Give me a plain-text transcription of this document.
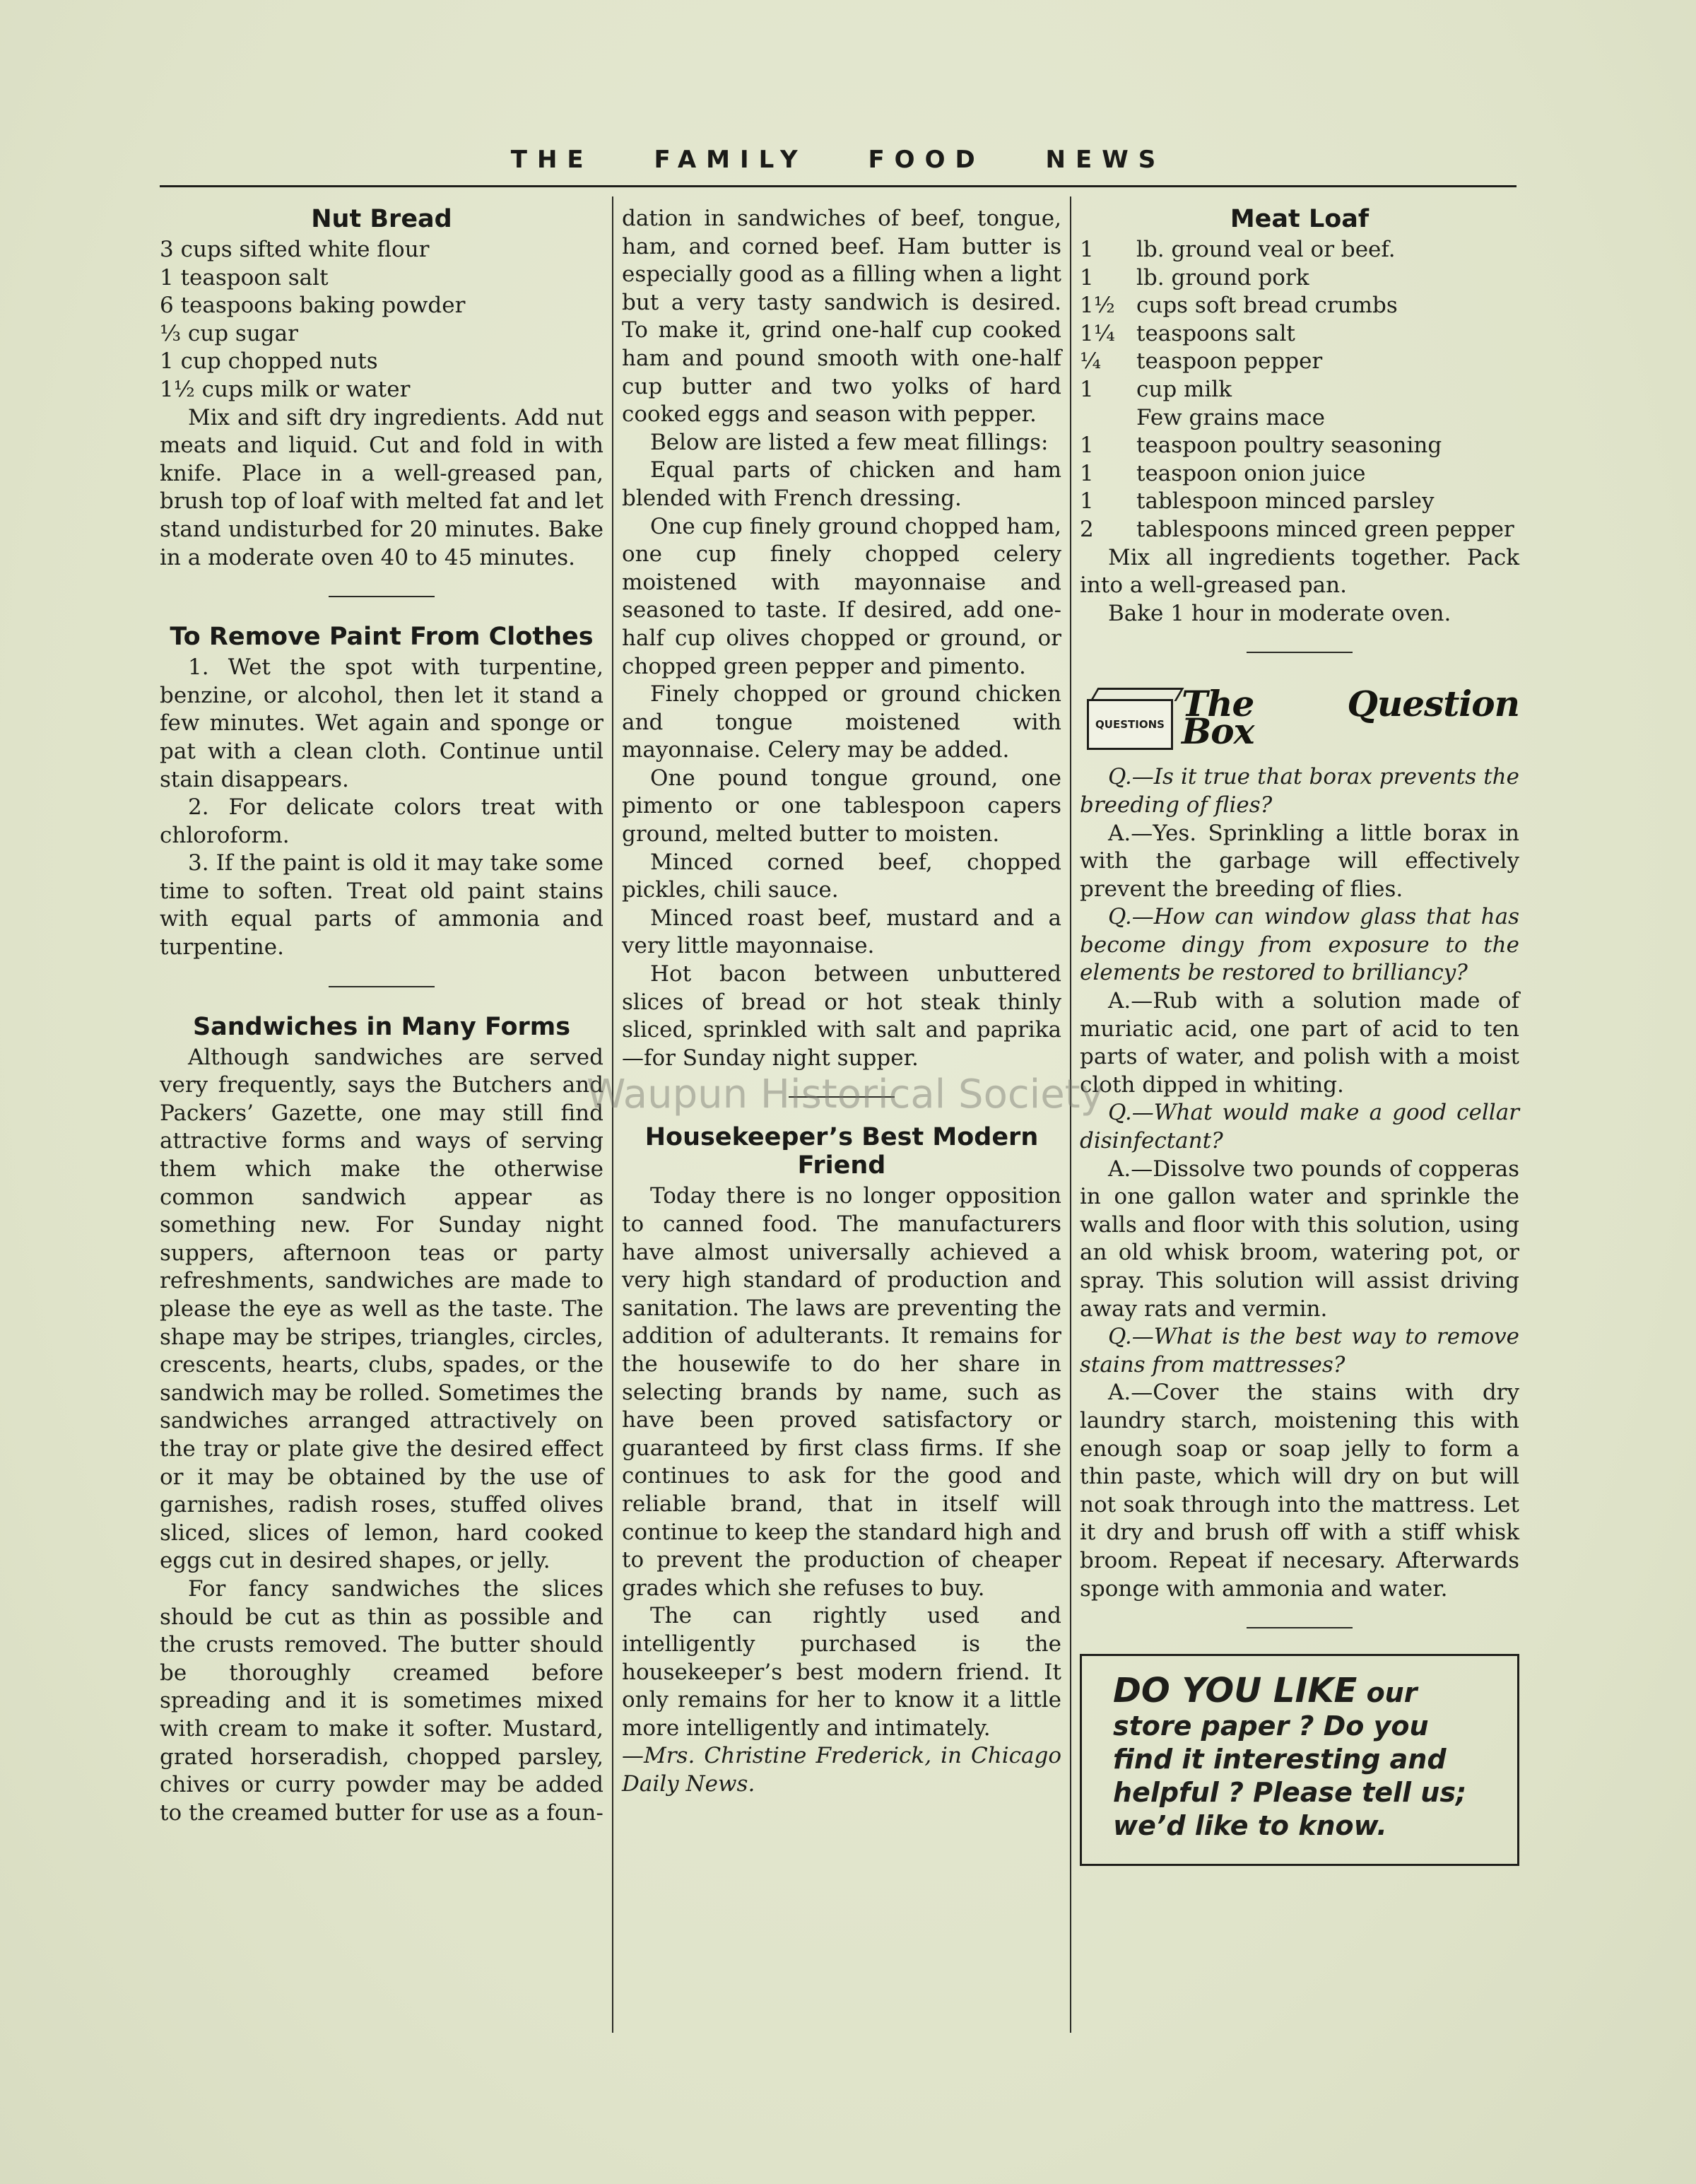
THE FAMILY FOOD NEWS
Nut Bread

3 cups sifted white flour

1 teaspoon salt

6 teaspoons baking powder

⅓ cup sugar

1 cup chopped nuts

1½ cups milk or water

Mix and sift dry ingredients. Add nut meats and liquid. Cut and fold in with knife. Place in a well-greased pan, brush top of loaf with melted fat and let stand undisturbed for 20 minutes. Bake in a moderate oven 40 to 45 minutes.

To Remove Paint From Clothes

1. Wet the spot with turpentine, benzine, or alcohol, then let it stand a few minutes. Wet again and sponge or pat with a clean cloth. Continue until stain disappears.

2. For delicate colors treat with chloroform.

3. If the paint is old it may take some time to soften. Treat old paint stains with equal parts of ammonia and turpentine.

Sandwiches in Many Forms

Although sandwiches are served very frequently, says the Butchers and Packers’ Gazette, one may still find attractive forms and ways of serving them which make the otherwise common sandwich appear as something new. For Sunday night suppers, afternoon teas or party refreshments, sandwiches are made to please the eye as well as the taste. The shape may be stripes, triangles, circles, crescents, hearts, clubs, spades, or the sandwich may be rolled. Sometimes the sandwiches arranged attractively on the tray or plate give the desired effect or it may be obtained by the use of garnishes, radish roses, stuffed olives sliced, slices of lemon, hard cooked eggs cut in desired shapes, or jelly.

For fancy sandwiches the slices should be cut as thin as possible and the crusts removed. The butter should be thoroughly creamed before spreading and it is sometimes mixed with cream to make it softer. Mustard, grated horseradish, chopped parsley, chives or curry powder may be added to the creamed butter for use as a foun-

dation in sandwiches of beef, tongue, ham, and corned beef. Ham butter is especially good as a filling when a light but a very tasty sandwich is desired. To make it, grind one-half cup cooked ham and pound smooth with one-half cup butter and two yolks of hard cooked eggs and season with pepper.

Below are listed a few meat fillings:

Equal parts of chicken and ham blended with French dressing.

One cup finely ground chopped ham, one cup finely chopped celery moistened with mayonnaise and seasoned to taste. If desired, add one-half cup olives chopped or ground, or chopped green pepper and pimento.

Finely chopped or ground chicken and tongue moistened with mayonnaise. Celery may be added.

One pound tongue ground, one pimento or one tablespoon capers ground, melted butter to moisten.

Minced corned beef, chopped pickles, chili sauce.

Minced roast beef, mustard and a very little mayonnaise.

Hot bacon between unbuttered slices of bread or hot steak thinly sliced, sprinkled with salt and paprika—for Sunday night supper.

Housekeeper’s Best Modern Friend

Today there is no longer opposition to canned food. The manufacturers have almost universally achieved a very high standard of production and sanitation. The laws are preventing the addition of adulterants. It remains for the housewife to do her share in selecting brands by name, such as have been proved satisfactory or guaranteed by first class firms. If she continues to ask for the good and reliable brand, that in itself will continue to keep the standard high and to prevent the production of cheaper grades which she refuses to buy.

The can rightly used and intelligently purchased is the housekeeper’s best modern friend. It only remains for her to know it a little more intelligently and intimately.

—Mrs. Christine Frederick, in Chicago Daily News.

Meat Loaf
1	lb. ground veal or beef.
1	lb. ground pork
1½ cups soft bread crumbs
1¼ teaspoons salt
¼	teaspoon pepper
1	cup milk
Few grains mace
1	teaspoon poultry seasoning
1	teaspoon onion juice
1	tablespoon minced parsley
2	tablespoons minced green pepper

Mix all ingredients together. Pack into a well-greased pan.

Bake 1 hour in moderate oven.

QUESTIONS The Question Box

Q.—Is it true that borax prevents the breeding of flies?

A.—Yes. Sprinkling a little borax in with the garbage will effectively prevent the breeding of flies.

Q.—How can window glass that has become dingy from exposure to the elements be restored to brilliancy?

A.—Rub with a solution made of muriatic acid, one part of acid to ten parts of water, and polish with a moist cloth dipped in whiting.

Q.—What would make a good cellar disinfectant?

A.—Dissolve two pounds of copperas in one gallon water and sprinkle the walls and floor with this solution, using an old whisk broom, watering pot, or spray. This solution will assist driving away rats and vermin.

Q.—What is the best way to remove stains from mattresses?

A.—Cover the stains with dry laundry starch, moistening this with enough soap or soap jelly to form a thin paste, which will dry on but will not soak through into the mattress. Let it dry and brush off with a stiff whisk broom. Repeat if necesary. Afterwards sponge with ammonia and water.

DO YOU LIKE our store paper ? Do you find it interesting and helpful ? Please tell us; we’d like to know.
Waupun Historical Society
